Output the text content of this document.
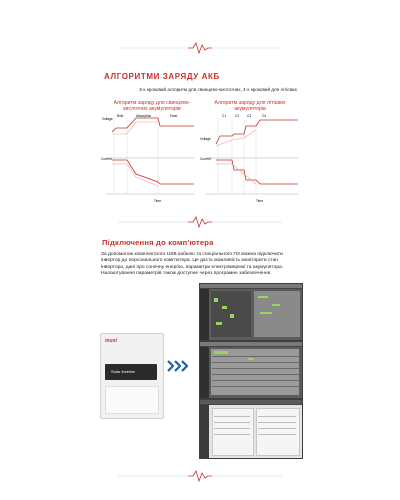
АЛГОРИТМИ ЗАРЯДУ АКБ
3-х кроковий алгоритм для свинцево-кислотних, 4-х кроковий для літієвих
Алгоритм заряду для свинцево-кислотних акумуляторів
Алгоритм заряду для літієвих акумуляторів
Voltage
Current
Bulk	Absorption	Float
Time
Voltage
Current
C1	C2 C3	C4
Time
Підключення до комп'ютера
За допомогою комплектного USB кабелю та спеціального ПЗ можна підключити
інвертор до персонального комп'ютера. Це дасть можливість моніторити стан
інвертора, дані про сонячну енергію, параметри електромережі та акумулятора.
Налаштування параметрів також доступне через програмне забезпечення.
must
Solar Inverter
